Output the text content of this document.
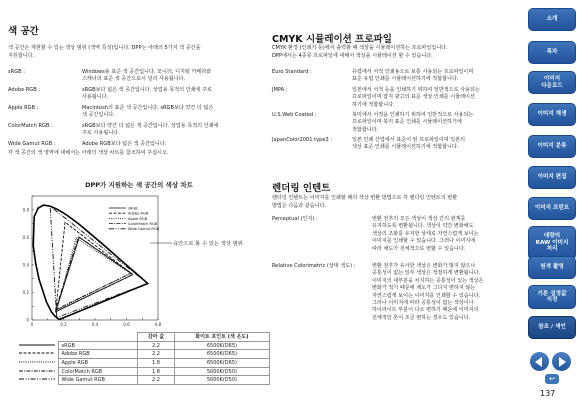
색 공간
색 공간은 재현할 수 있는 색상 범위 (색역 특성)입니다. DPP는 아래의 5가지 색 공간을
지원합니다.
sRGB :	Windows용 표준 색 공간입니다. 모니터, 디지털 카메라와
스캐너의 표준 색 공간으로서 널리 사용됩니다.
Adobe RGB :	sRGB보다 넓은 색 공간입니다. 상업용 목적의 인쇄에 주로
사용됩니다.
Apple RGB :	Macintosh의 표준 색 공간입니다. sRGB보다 약간 더 넓은
색 공간입니다.
ColorMatch RGB :	sRGB보다 약간 더 넓은 색 공간입니다. 상업용 목적의 인쇄에
주로 사용됩니다.
Wide Gamut RGB :	Adobe RGB보다 넓은 색 공간입니다.
각 색 공간의 색 영역에 대해서는 아래의 색상 차트를 참조하여 주십시오.
DPP가 지원하는 색 공간의 색상 차트
0	0.2	0.4	0.6	0.8
0
0.2
0.4
0.6
0.8	sRGB
Adobe RGB
Apple RGB
ColorMatch RGB
Wide Gamut RGB
육안으로 볼 수 있는 색상 범위
		감마 값	화이트 포인트 (색 온도)
	sRGB	2.2	6500K(D65)
	Adobe RGB	2.2	6500K(D65)
	Apple RGB	1.8	6500K(D65)
	ColorMatch RGB	1.8	5000K(D50)
	Wide Gamut RGB	2.2	5000K(D50)
CMYK 시뮬레이션 프로파일
CMYK 환경 (인쇄기 등)에서 출력할 때 색상을 시뮬레이션하는 프로파일입니다.
DPP에서는 4종류 프로파일에 대해서 색상을 시뮬레이션 할 수 있습니다.
Euro Standard :	유럽에서 서적 인쇄용으로 보통 사용되는 프로파일이며
표준 유럽 인쇄를 시뮬레이션하기에 적합합니다.
JMPA :	일본에서 서적 등을 인쇄하기 위하여 일반적으로 사용되는
프로파일이며 잡지 광고의 표준 색상 인쇄를 시뮬레이션
하기에 적합합니다.
U.S.Web Coated :	북미에서 서적을 인쇄하기 위하여 일반적으로 사용되는
프로파일이며 북미 표준 인쇄를 시뮬레이션하기에
적합합니다.
JapanColor2001 type3 :	일본 인쇄 산업에서 표준이 된 프로파일이며 일본의
색상 표준 인쇄를 시뮬레이션하기에 적합합니다.
렌더링 인텐트
렌더링 인텐트는 이미지를 인쇄할 때의 색상 변환 방법으로 각 렌더링 인텐트의 변환
방법은 다음과 같습니다.
Perceptual (인지) :	변환 전후의 모든 색상이 색상 간의 관계를
유지하도록 변환됩니다. 색상이 약간 변화해도
색상의 조화를 유지한 상태로 자연스럽게 보이는
이미지를 인쇄할 수 있습니다. 그러나 이미지에
따라 채도가 전체적으로 변할 수 있습니다.
Relative Colorimetric (상대 색도) :	변환 전후가 유사한 색상은 변화가 많지 않으나
공통성이 없는 일부 색상은 적절하게 변환됩니다.
이미지의 대부분을 차지하는 공통성이 있는 색상은
변화가 적기 때문에 채도가 그다지 변하지 않는
자연스럽게 보이는 이미지를 인쇄할 수 있습니다.
그러나 이미지에 따라 공통성이 없는 색상이나
하이라이트 부분이 다소 변하기 때문에 이미지의
전체적인 톤이 조금 변하는 경우도 있습니다.
소개
목차
이미지
다운로드
이미지 재생
이미지 분류
이미지 편집
이미지 프린트
대량의
RAW 이미지
처리
원격 촬영
기본 설정값
지정
참조 / 색인
↩
137
